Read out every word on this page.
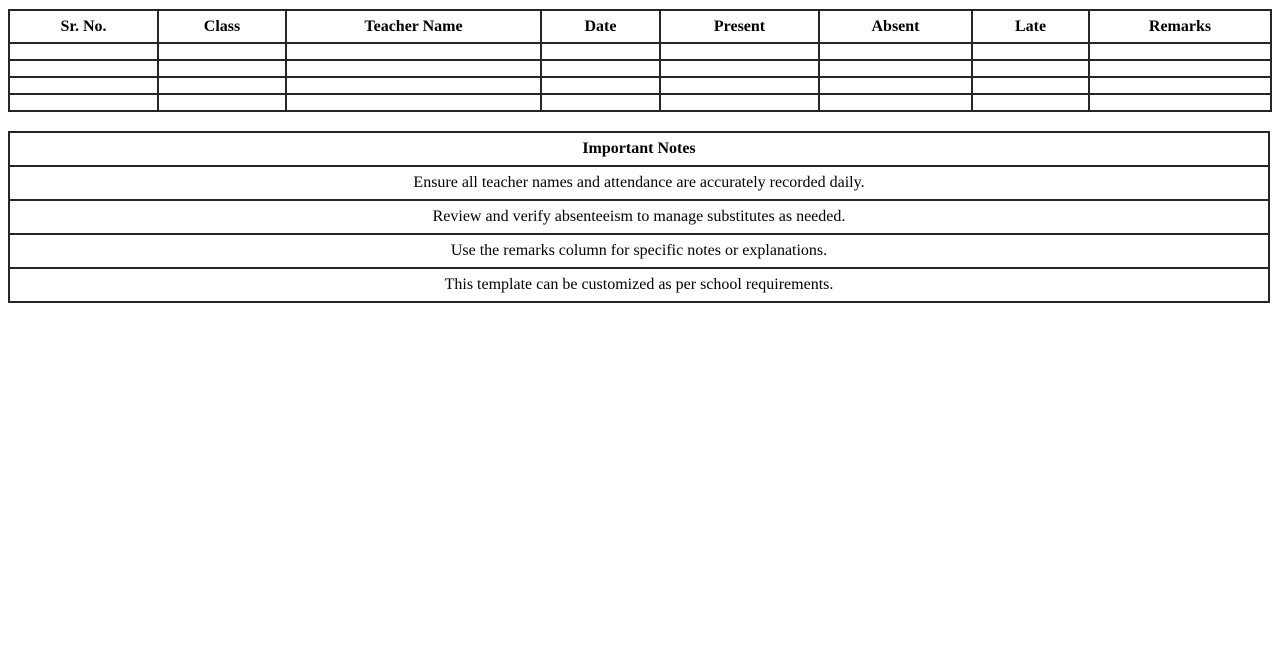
Sr. No.	Class	Teacher Name	Date	Present	Absent	Late	Remarks

Important Notes
Ensure all teacher names and attendance are accurately recorded daily.
Review and verify absenteeism to manage substitutes as needed.
Use the remarks column for specific notes or explanations.
This template can be customized as per school requirements.
